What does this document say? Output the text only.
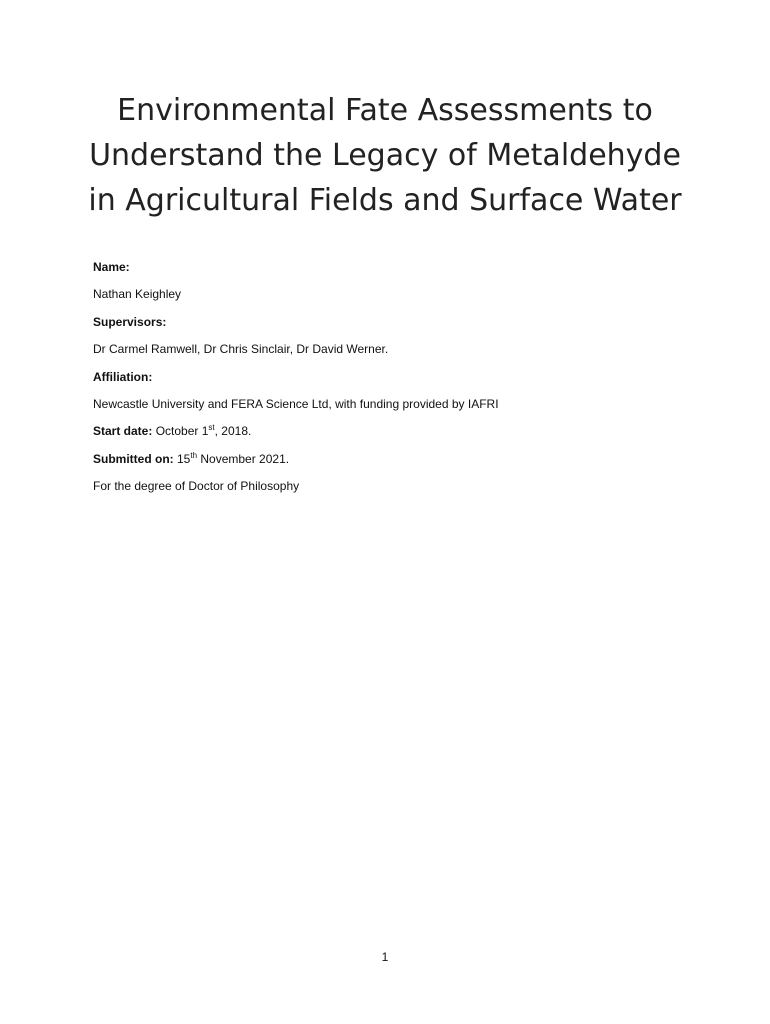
Environmental Fate Assessments to
Understand the Legacy of Metaldehyde
in Agricultural Fields and Surface Water

Name:

Nathan Keighley

Supervisors:

Dr Carmel Ramwell, Dr Chris Sinclair, Dr David Werner.

Affiliation:

Newcastle University and FERA Science Ltd, with funding provided by IAFRI

Start date: October 1st, 2018.

Submitted on: 15th November 2021.

For the degree of Doctor of Philosophy

1
